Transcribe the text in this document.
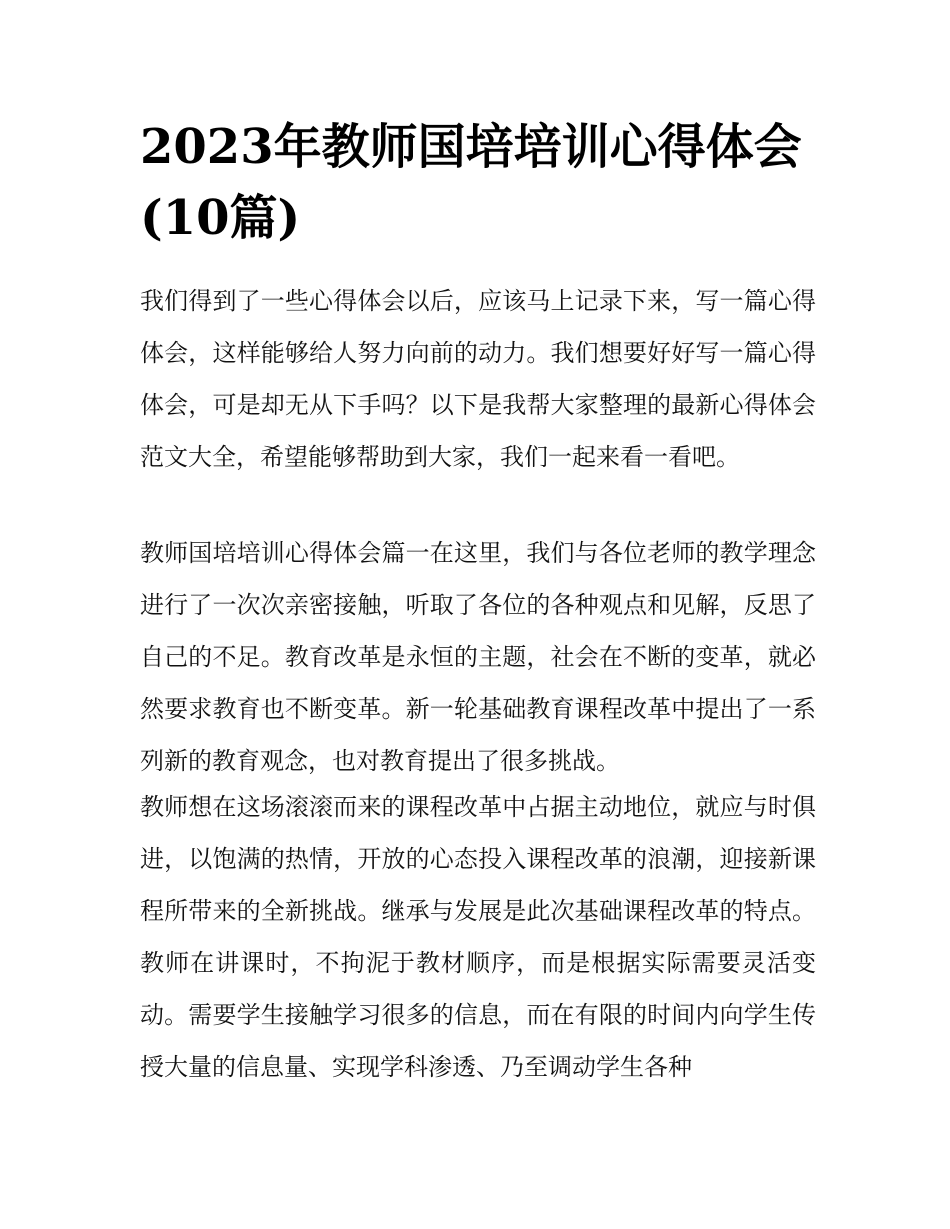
2023年教师国培培训心得体会(10篇)

我们得到了一些心得体会以后，应该马上记录下来，写一篇心得体会，这样能够给人努力向前的动力。我们想要好好写一篇心得体会，可是却无从下手吗？以下是我帮大家整理的最新心得体会范文大全，希望能够帮助到大家，我们一起来看一看吧。

教师国培培训心得体会篇一在这里，我们与各位老师的教学理念进行了一次次亲密接触，听取了各位的各种观点和见解，反思了自己的不足。教育改革是永恒的主题，社会在不断的变革，就必然要求教育也不断变革。新一轮基础教育课程改革中提出了一系列新的教育观念，也对教育提出了很多挑战。

教师想在这场滚滚而来的课程改革中占据主动地位，就应与时俱进，以饱满的热情，开放的心态投入课程改革的浪潮，迎接新课程所带来的全新挑战。继承与发展是此次基础课程改革的特点。教师在讲课时，不拘泥于教材顺序，而是根据实际需要灵活变动。需要学生接触学习很多的信息，而在有限的时间内向学生传授大量的信息量、实现学科渗透、乃至调动学生各种
